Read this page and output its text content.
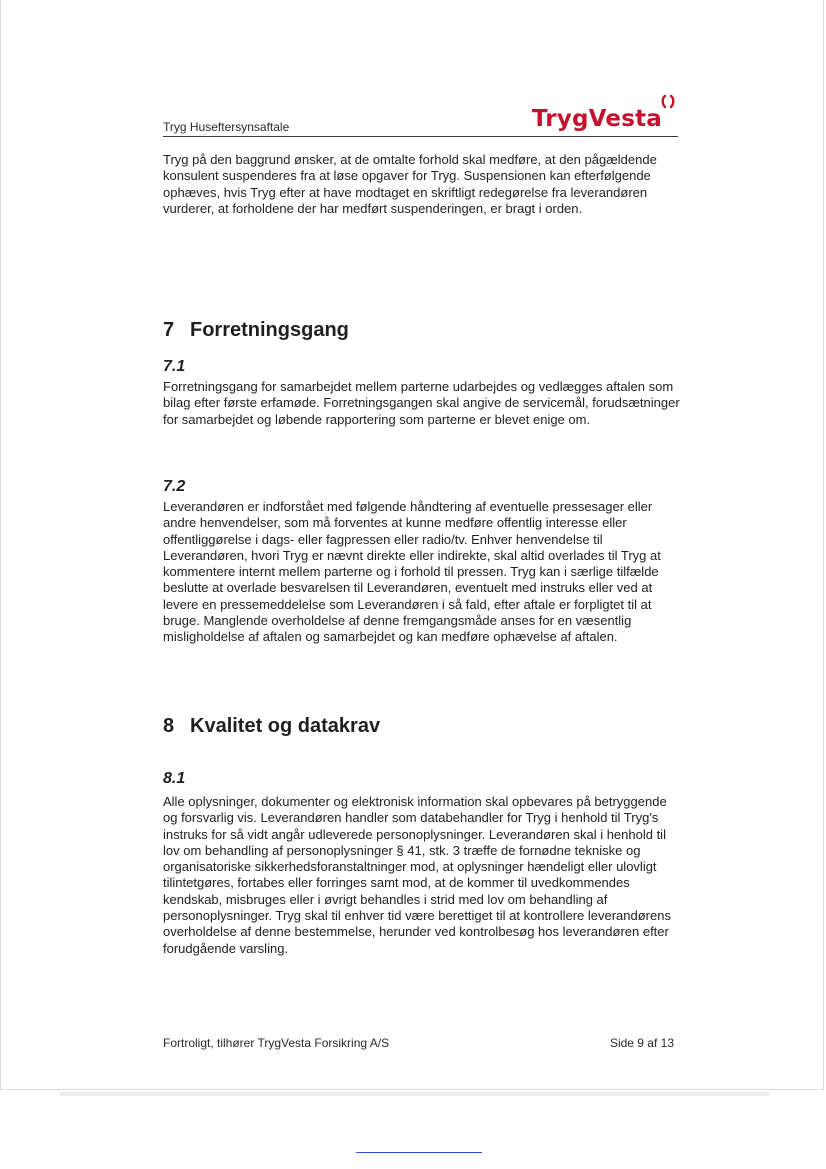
Tryg Huseftersynsaftale	TrygVesta

Tryg på den baggrund ønsker, at de omtalte forhold skal medføre, at den pågældende konsulent suspenderes fra at løse opgaver for Tryg. Suspensionen kan efterfølgende ophæves, hvis Tryg efter at have modtaget en skriftligt redegørelse fra leverandøren vurderer, at forholdene der har medført suspenderingen, er bragt i orden.

7 Forretningsgang
7.1

Forretningsgang for samarbejdet mellem parterne udarbejdes og vedlægges aftalen som bilag efter første erfamøde. Forretningsgangen skal angive de servicemål, forudsætninger for samarbejdet og løbende rapportering som parterne er blevet enige om.

7.2

Leverandøren er indforstået med følgende håndtering af eventuelle pressesager eller andre henvendelser, som må forventes at kunne medføre offentlig interesse eller offentliggørelse i dags- eller fagpressen eller radio/tv. Enhver henvendelse til Leverandøren, hvori Tryg er nævnt direkte eller indirekte, skal altid overlades til Tryg at kommentere internt mellem parterne og i forhold til pressen. Tryg kan i særlige tilfælde beslutte at overlade besvarelsen til Leverandøren, eventuelt med instruks eller ved at levere en pressemeddelelse som Leverandøren i så fald, efter aftale er forpligtet til at bruge. Manglende overholdelse af denne fremgangsmåde anses for en væsentlig misligholdelse af aftalen og samarbejdet og kan medføre ophævelse af aftalen.

8 Kvalitet og datakrav
8.1

Alle oplysninger, dokumenter og elektronisk information skal opbevares på betryggende og forsvarlig vis. Leverandøren handler som databehandler for Tryg i henhold til Tryg's instruks for så vidt angår udleverede personoplysninger. Leverandøren skal i henhold til lov om behandling af personoplysninger § 41, stk. 3 træffe de fornødne tekniske og organisatoriske sikkerhedsforanstaltninger mod, at oplysninger hændeligt eller ulovligt tilintetgøres, fortabes eller forringes samt mod, at de kommer til uvedkommendes kendskab, misbruges eller i øvrigt behandles i strid med lov om behandling af personoplysninger. Tryg skal til enhver tid være berettiget til at kontrollere leverandørens overholdelse af denne bestemmelse, herunder ved kontrolbesøg hos leverandøren efter forudgående varsling.

Fortroligt, tilhører TrygVesta Forsikring A/S	Side 9 af 13
